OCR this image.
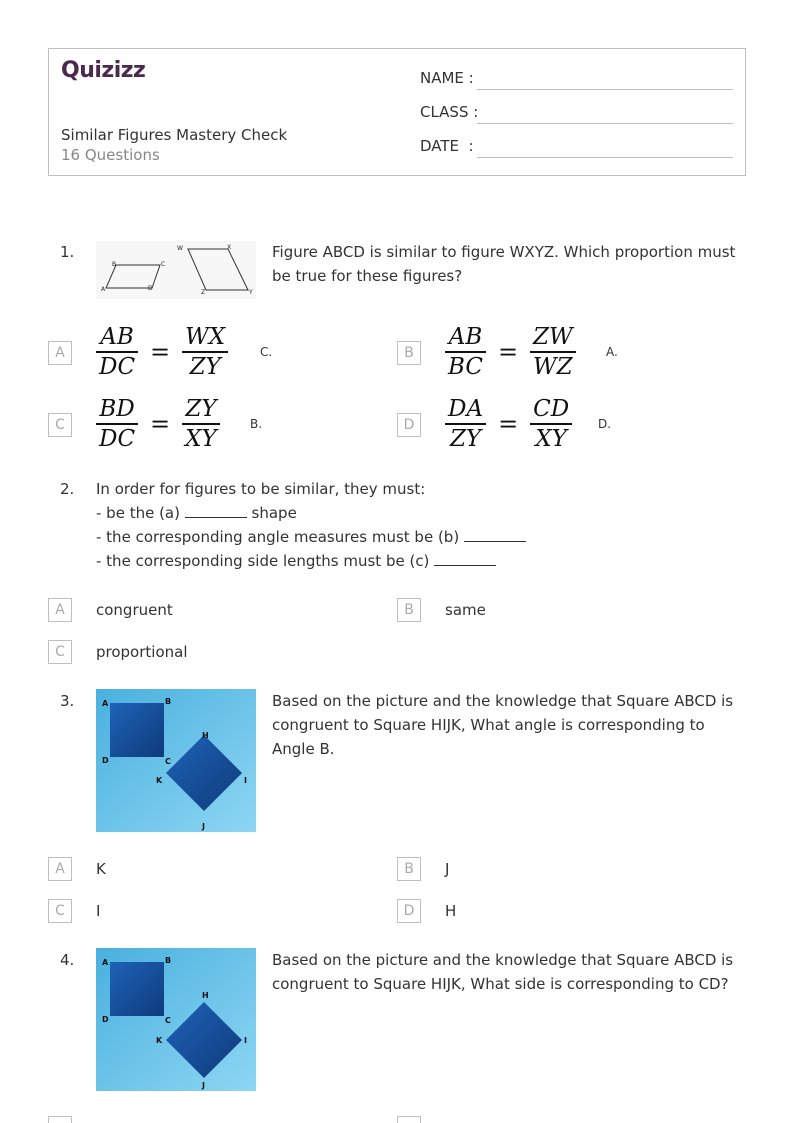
Quizizz
Similar Figures Mastery Check
16 Questions
NAME :
CLASS :
DATE  :
1.
A
B	C
D
W	X
Y
Z
Figure ABCD is similar to figure WXYZ. Which proportion must be true for these figures?
A	$\frac{AB}{DC} = \frac{WX}{ZY}$	C.	B	$\frac{AB}{BC} = \frac{ZW}{WZ}$	A.
C	$\frac{BD}{DC} = \frac{ZY}{XY}$	B.	D $\frac{DA}{ZY} = \frac{CD}{XY} D$.
2. In order for figures to be similar, they must:
- be the (a)	shape
- the corresponding angle measures must be (b)
- the corresponding side lengths must be (c)
A	congruent	B	same
C	proportional
3.	A	B
C
D
H
I
J
K
Based on the picture and the knowledge that Square ABCD is congruent to Square HIJK, What angle is corresponding to Angle B.
A	K	B	J
C	I	D	H
4.	A	B
C
D
H
I
J
K
Based on the picture and the knowledge that Square ABCD is congruent to Square HIJK, What side is corresponding to CD?
